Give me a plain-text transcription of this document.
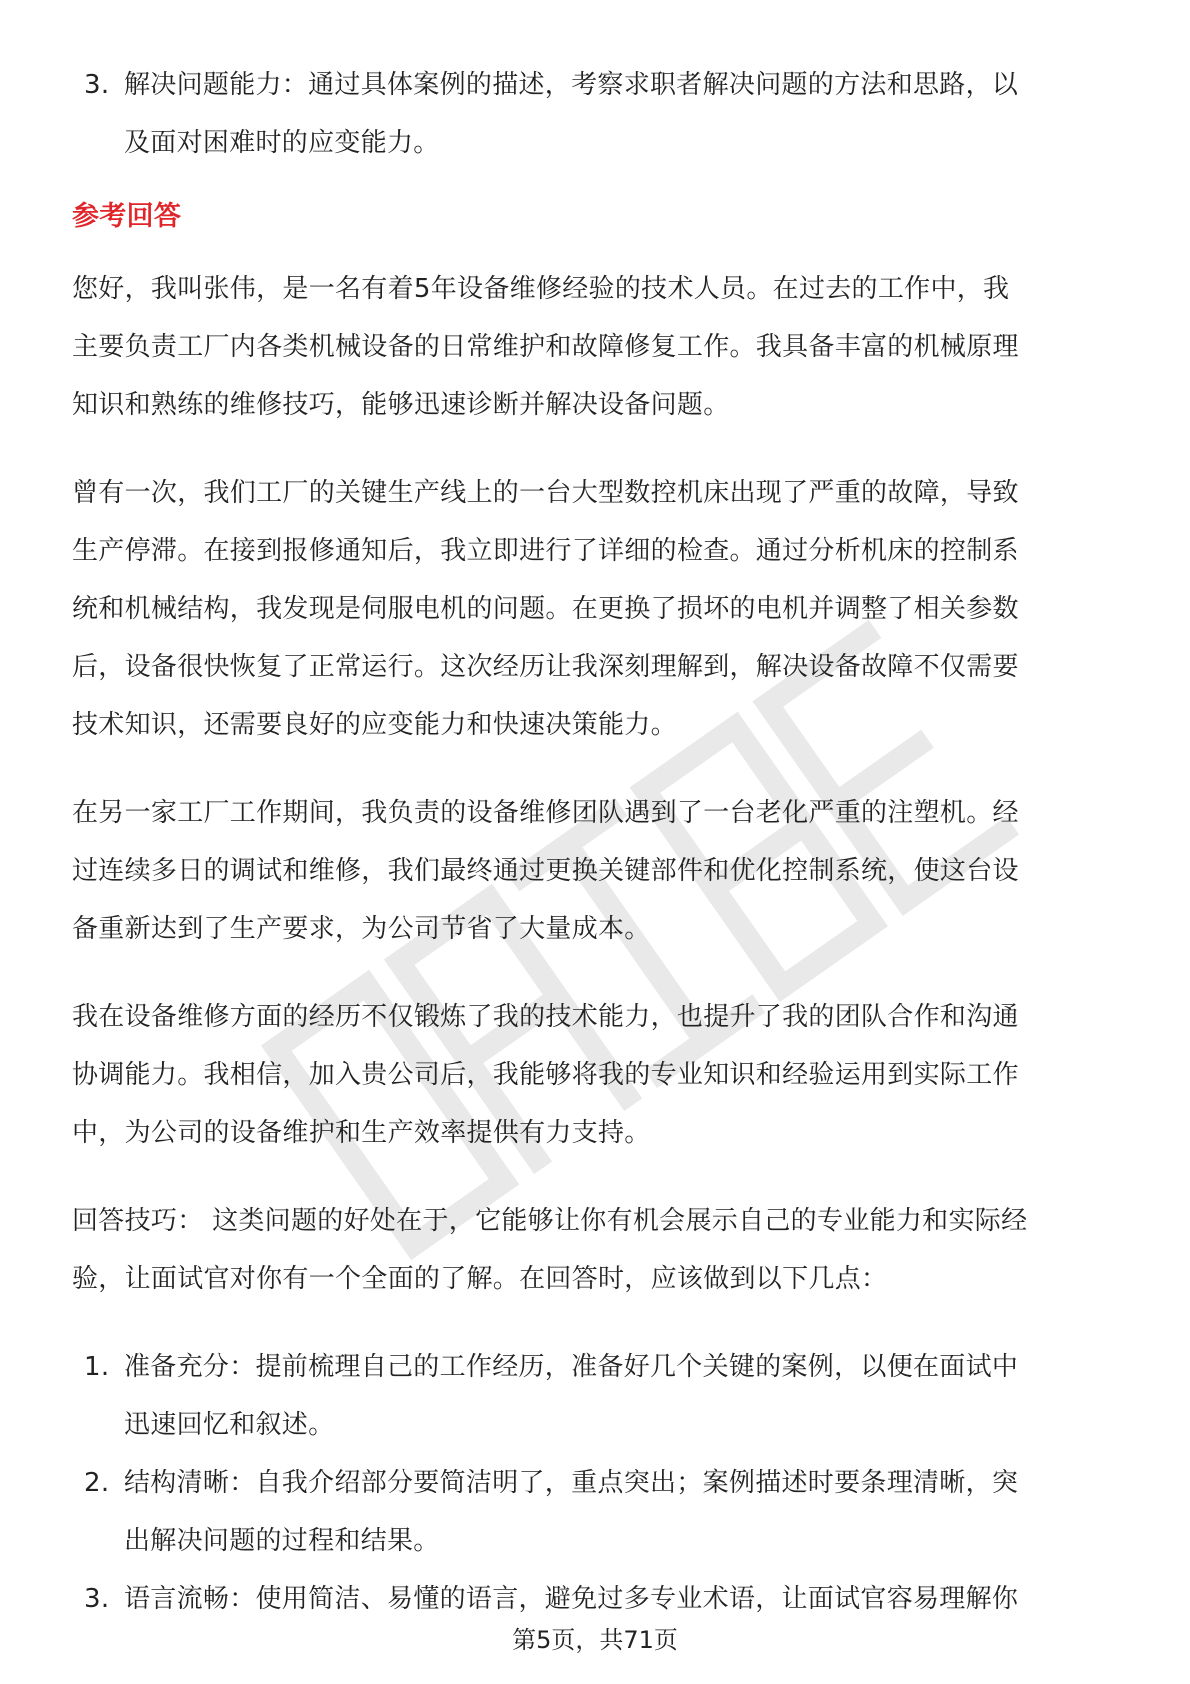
3. 解决问题能力：通过具体案例的描述，考察求职者解决问题的方法和思路，以
及面对困难时的应变能力。
参考回答
您好，我叫张伟，是一名有着5年设备维修经验的技术人员。在过去的工作中，我
主要负责工厂内各类机械设备的日常维护和故障修复工作。我具备丰富的机械原理
知识和熟练的维修技巧，能够迅速诊断并解决设备问题。
曾有一次，我们工厂的关键生产线上的一台大型数控机床出现了严重的故障，导致
生产停滞。在接到报修通知后，我立即进行了详细的检查。通过分析机床的控制系
统和机械结构，我发现是伺服电机的问题。在更换了损坏的电机并调整了相关参数
后，设备很快恢复了正常运行。这次经历让我深刻理解到，解决设备故障不仅需要
技术知识，还需要良好的应变能力和快速决策能力。
在另一家工厂工作期间，我负责的设备维修团队遇到了一台老化严重的注塑机。经
过连续多日的调试和维修，我们最终通过更换关键部件和优化控制系统，使这台设
备重新达到了生产要求，为公司节省了大量成本。
我在设备维修方面的经历不仅锻炼了我的技术能力，也提升了我的团队合作和沟通
协调能力。我相信，加入贵公司后，我能够将我的专业知识和经验运用到实际工作
中，为公司的设备维护和生产效率提供有力支持。
回答技巧： 这类问题的好处在于，它能够让你有机会展示自己的专业能力和实际经
验，让面试官对你有一个全面的了解。在回答时，应该做到以下几点：
1. 准备充分：提前梳理自己的工作经历，准备好几个关键的案例，以便在面试中
迅速回忆和叙述。
2. 结构清晰：自我介绍部分要简洁明了，重点突出；案例描述时要条理清晰，突
出解决问题的过程和结果。
3. 语言流畅：使用简洁、易懂的语言，避免过多专业术语，让面试官容易理解你
第5页，共71页
